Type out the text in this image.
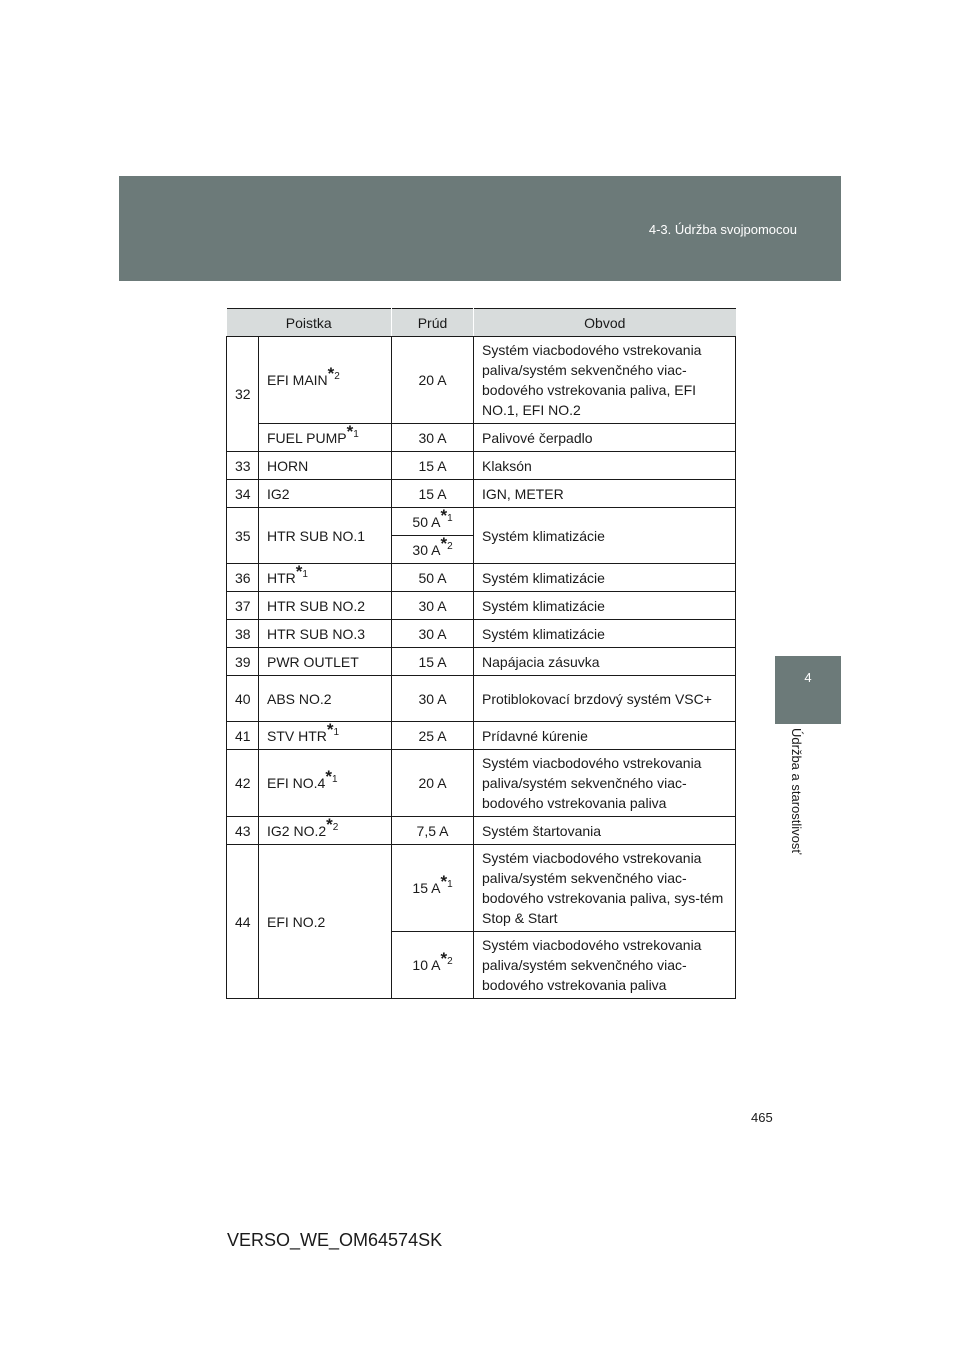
4-3. Údržba svojpomocou
4
Údržba a starostlivosť
Poistka		Prúd	Obvod
32	EFI MAIN$^{*2}$	20 A	Systém viacbodového vstrekovania paliva/systém sekvenčného viac-bodového vstrekovania paliva, EFI NO.1, EFI NO.2
	FUEL PUMP$^{*1}$	30 A	Palivové čerpadlo
33	HORN	15 A	Klaksón
34	IG2	15 A	IGN, METER
35	HTR SUB NO.1	50 A$^{*1}$	Systém klimatizácie
		30 A$^{*2}$
36	HTR$^{*1}$	50 A	Systém klimatizácie
37	HTR SUB NO.2	30 A	Systém klimatizácie
38	HTR SUB NO.3	30 A	Systém klimatizácie
39	PWR OUTLET	15 A	Napájacia zásuvka
40	ABS NO.2	30 A	Protiblokovací brzdový systém VSC+
41	STV HTR$^{*1}$	25 A	Prídavné kúrenie
42	EFI NO.4$^{*1}$	20 A	Systém viacbodového vstrekovania paliva/systém sekvenčného viac-bodového vstrekovania paliva
43	IG2 NO.2$^{*2}$	7,5 A	Systém štartovania
44	EFI NO.2	15 A$^{*1}$	Systém viacbodového vstrekovania paliva/systém sekvenčného viac-bodového vstrekovania paliva, sys-tém Stop & Start
		10 A$^{*2}$	Systém viacbodového vstrekovania paliva/systém sekvenčného viac-bodového vstrekovania paliva
465
VERSO_WE_OM64574SK
